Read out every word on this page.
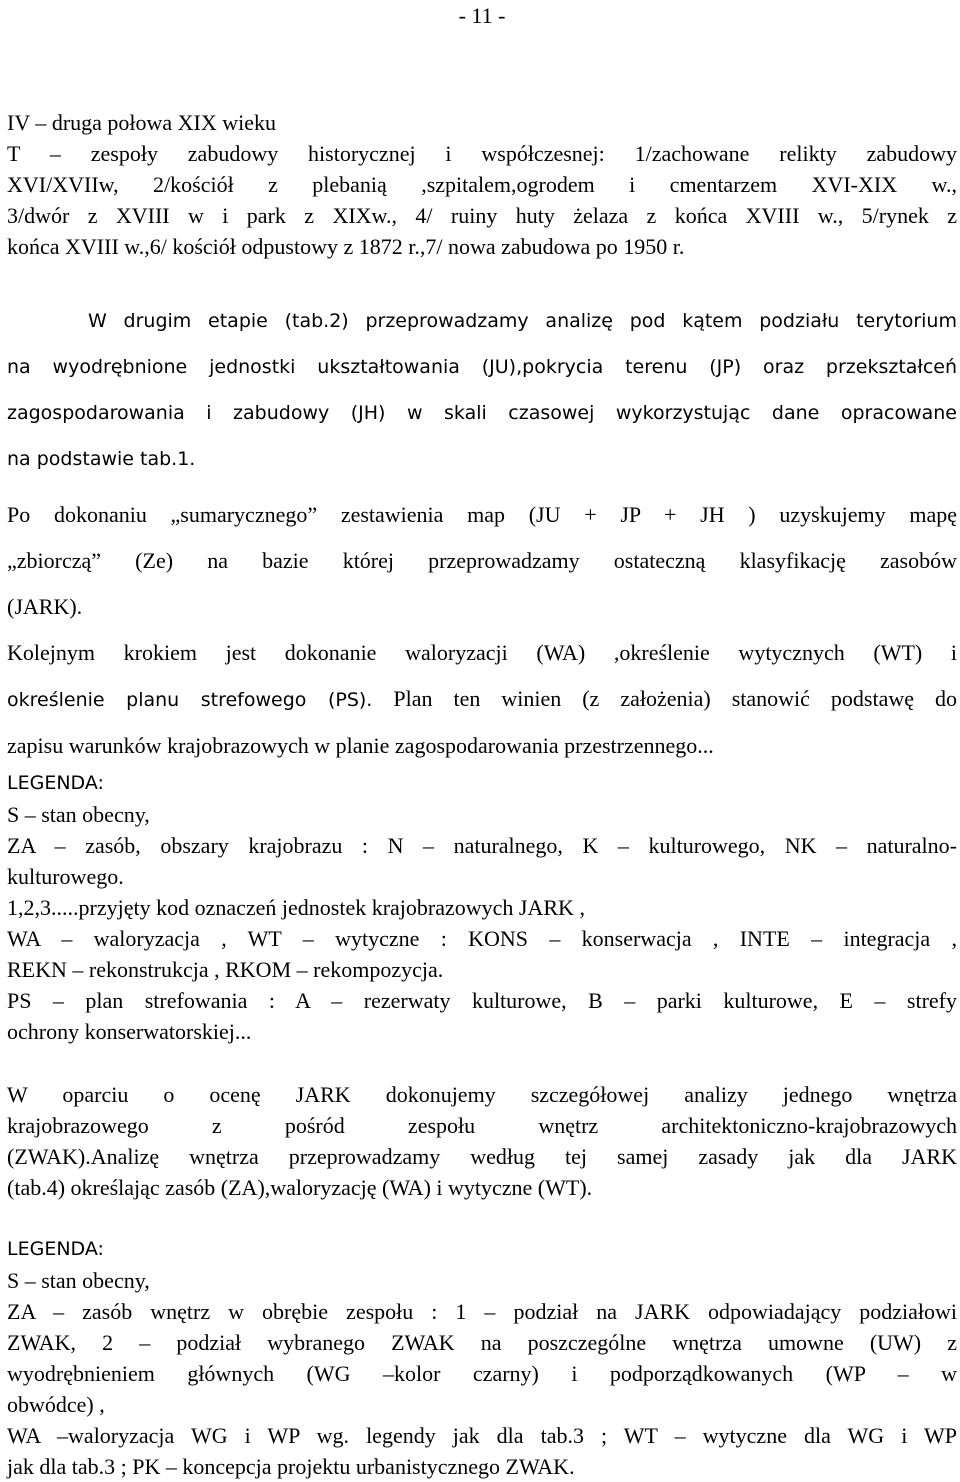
- 11 -
IV – druga połowa XIX wieku
T – zespoły zabudowy historycznej i współczesnej: 1/zachowane relikty zabudowy
XVI/XVIIw, 2/kościół z plebanią ,szpitalem,ogrodem i cmentarzem XVI-XIX w.,
3/dwór z XVIII w i park z XIXw., 4/ ruiny huty żelaza z końca XVIII w., 5/rynek z
końca XVIII w.,6/ kościół odpustowy z 1872 r.,7/ nowa zabudowa po 1950 r.
W drugim etapie (tab.2) przeprowadzamy analizę pod kątem podziału terytorium
na wyodrębnione jednostki ukształtowania (JU),pokrycia terenu (JP) oraz przekształceń
zagospodarowania i zabudowy (JH) w skali czasowej wykorzystując dane opracowane
na podstawie tab.1.
Po dokonaniu „sumarycznego” zestawienia map (JU + JP + JH ) uzyskujemy mapę
„zbiorczą” (Ze) na bazie której przeprowadzamy ostateczną klasyfikację zasobów
(JARK).
Kolejnym krokiem jest dokonanie waloryzacji (WA) ,określenie wytycznych (WT) i
określenie planu strefowego (PS). Plan ten winien (z założenia) stanowić podstawę do
zapisu warunków krajobrazowych w planie zagospodarowania przestrzennego...
LEGENDA:
S – stan obecny,
ZA – zasób, obszary krajobrazu : N – naturalnego, K – kulturowego, NK – naturalno-
kulturowego.
1,2,3.....przyjęty kod oznaczeń jednostek krajobrazowych JARK ,
WA – waloryzacja , WT – wytyczne : KONS – konserwacja , INTE – integracja ,
REKN – rekonstrukcja , RKOM – rekompozycja.
PS – plan strefowania : A – rezerwaty kulturowe, B – parki kulturowe, E – strefy
ochrony konserwatorskiej...
W oparciu o ocenę JARK dokonujemy szczegółowej analizy jednego wnętrza
krajobrazowego z pośród zespołu wnętrz architektoniczno-krajobrazowych
(ZWAK).Analizę wnętrza przeprowadzamy według tej samej zasady jak dla JARK
(tab.4) określając zasób (ZA),waloryzację (WA) i wytyczne (WT).
LEGENDA:
S – stan obecny,
ZA – zasób wnętrz w obrębie zespołu : 1 – podział na JARK odpowiadający podziałowi
ZWAK, 2 – podział wybranego ZWAK na poszczególne wnętrza umowne (UW) z
wyodrębnieniem głównych (WG –kolor czarny) i podporządkowanych (WP – w
obwódce) ,
WA –waloryzacja WG i WP wg. legendy jak dla tab.3 ; WT – wytyczne dla WG i WP
jak dla tab.3 ; PK – koncepcja projektu urbanistycznego ZWAK.
